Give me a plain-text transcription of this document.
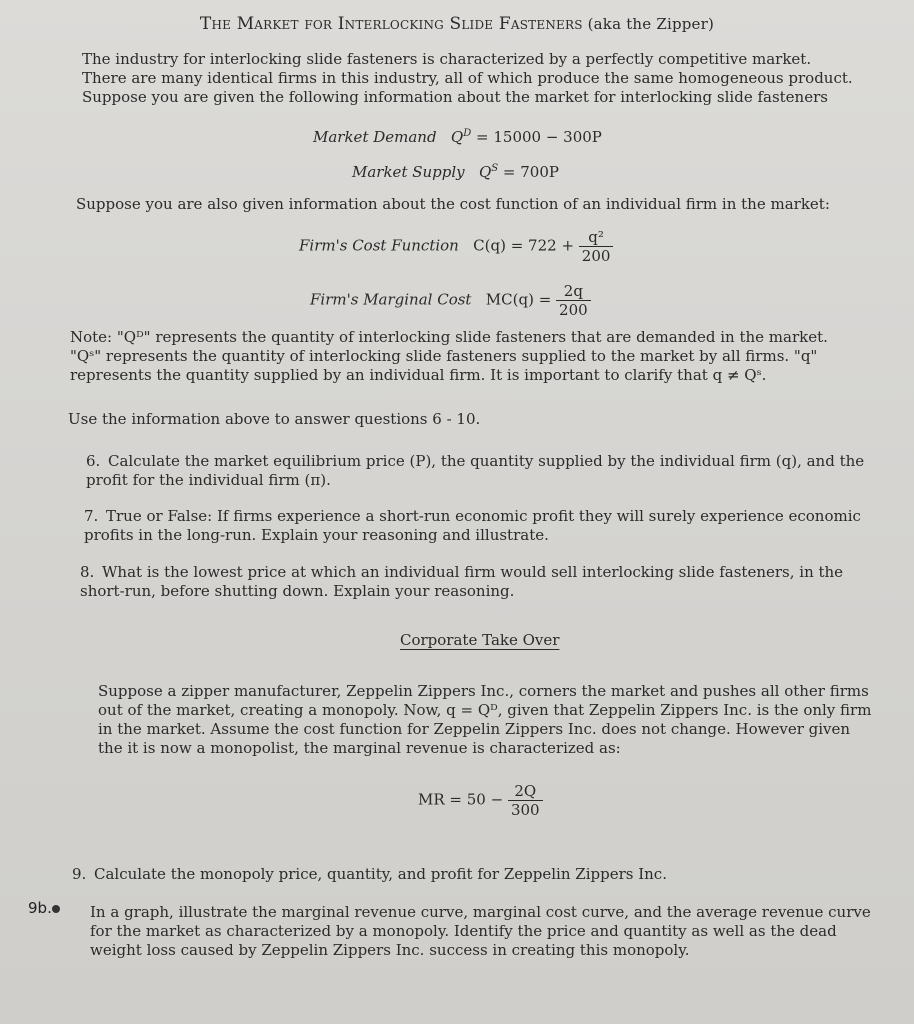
The Market for Interlocking Slide Fasteners (aka the Zipper)

The industry for interlocking slide fasteners is characterized by a perfectly competitive market. There are many identical firms in this industry, all of which produce the same homogeneous product. Suppose you are given the following information about the market for interlocking slide fasteners

Market Demand $Q^D = 15000 - 300P$
Market Supply $Q^S = 700P$

Suppose you are also given information about the cost function of an individual firm in the market:

Firm's Cost Function $C(q) = 722 + \frac{\text{q²}}{200}$
Firm's Marginal Cost $MC(q) = \frac{2q}{200}$

Note: "Qᴰ" represents the quantity of interlocking slide fasteners that are demanded in the market. "Qˢ" represents the quantity of interlocking slide fasteners supplied to the market by all firms. "q" represents the quantity supplied by an individual firm. It is important to clarify that q ≠ Qˢ.

Use the information above to answer questions 6 - 10.

6. Calculate the market equilibrium price (P), the quantity supplied by the individual firm (q), and the profit for the individual firm (π).

7. True or False: If firms experience a short-run economic profit they will surely experience economic profits in the long-run. Explain your reasoning and illustrate.

8. What is the lowest price at which an individual firm would sell interlocking slide fasteners, in the short-run, before shutting down. Explain your reasoning.

Corporate Take Over

Suppose a zipper manufacturer, Zeppelin Zippers Inc., corners the market and pushes all other firms out of the market, creating a monopoly. Now, q = Qᴰ, given that Zeppelin Zippers Inc. is the only firm in the market. Assume the cost function for Zeppelin Zippers Inc. does not change. However given the it is now a monopolist, the marginal revenue is characterized as:

MR = $50 - \frac{2Q}{300}$

9. Calculate the monopoly price, quantity, and profit for Zeppelin Zippers Inc.

9b.	In a graph, illustrate the marginal revenue curve, marginal cost curve, and the average revenue curve for the market as characterized by a monopoly. Identify the price and quantity as well as the dead weight loss caused by Zeppelin Zippers Inc. success in creating this monopoly.
